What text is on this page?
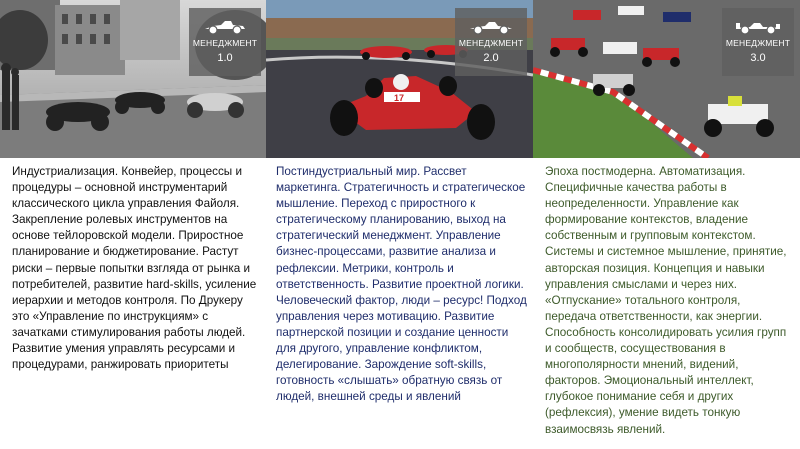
МЕНЕДЖМЕНТ
1.0
Индустриализация. Конвейер, процессы и процедуры – основной инструментарий классического цикла управления Файоля. Закрепление ролевых инструментов на основе тейлоровской модели. Приростное планирование и бюджетирование. Растут риски – первые попытки взгляда от рынка и потребителей, развитие hard-skills, усиление иерархии и методов контроля. По Друкеру это «Управление по инструкциям» с зачатками стимулирования работы людей. Развитие умения управлять ресурсами и процедурами, ранжировать приоритеты
17
МЕНЕДЖМЕНТ
2.0
Постиндустриальный мир. Рассвет маркетинга. Стратегичность и стратегическое мышление. Переход с приростного к стратегическому планированию, выход на стратегический менеджмент. Управление бизнес-процессами, развитие анализа и рефлексии. Метрики, контроль и ответственность. Развитие проектной логики. Человеческий фактор, люди – ресурс! Подход управления через мотивацию. Развитие партнерской позиции и создание ценности для другого, управление конфликтом, делегирование. Зарождение soft-skills, готовность «слышать» обратную связь от людей, внешней среды и явлений
МЕНЕДЖМЕНТ
3.0
Эпоха постмодерна. Автоматизация. Специфичные качества работы в неопределенности. Управление как формирование контекстов, владение собственным и групповым контекстом. Системы и системное мышление, принятие, авторская позиция. Концепция и навыки управления смыслами и через них. «Отпускание» тотального контроля, передача ответственности, как энергии. Способность консолидировать усилия групп и сообществ, сосуществования в многополярности мнений, видений, факторов. Эмоциональный интеллект, глубокое понимание себя и других (рефлексия), умение видеть тонкую взаимосвязь явлений.
